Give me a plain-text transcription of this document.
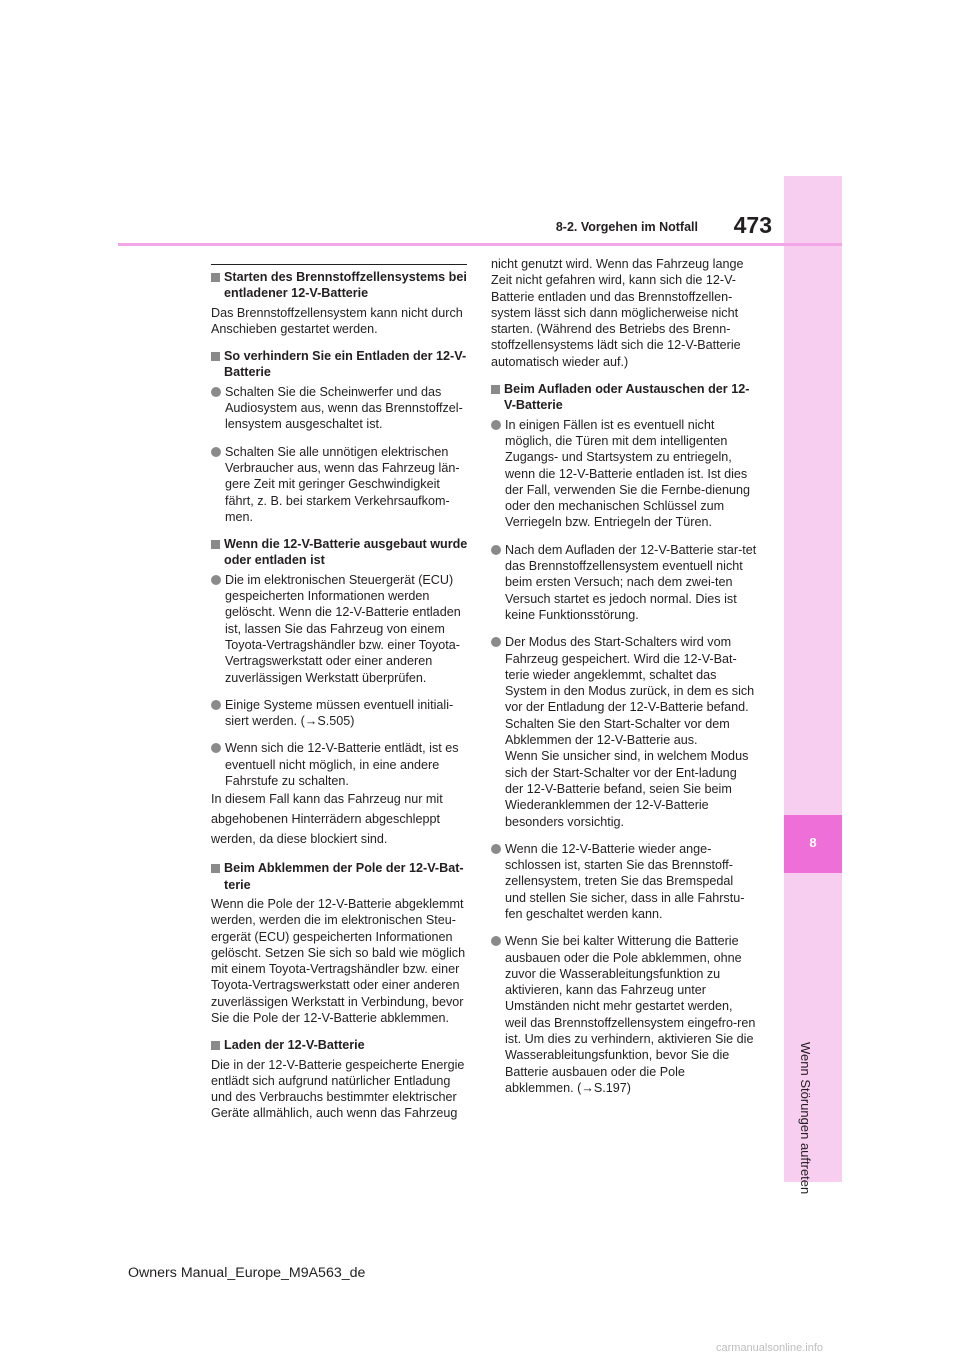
8
Wenn Störungen auftreten
8-2. Vorgehen im Notfall	473
Starten des Brennstoffzellensystems bei entladener 12-V-Batterie

Das Brennstoffzellensystem kann nicht durch Anschieben gestartet werden.

So verhindern Sie ein Entladen der 12-V-Batterie
Schalten Sie die Scheinwerfer und das Audiosystem aus, wenn das Brennstoffzel-lensystem ausgeschaltet ist.
Schalten Sie alle unnötigen elektrischen Verbraucher aus, wenn das Fahrzeug län-gere Zeit mit geringer Geschwindigkeit fährt, z. B. bei starkem Verkehrsaufkom-men.
Wenn die 12-V-Batterie ausgebaut wurde oder entladen ist
Die im elektronischen Steuergerät (ECU) gespeicherten Informationen werden gelöscht. Wenn die 12-V-Batterie entladen ist, lassen Sie das Fahrzeug von einem Toyota-Vertragshändler bzw. einer Toyota-Vertragswerkstatt oder einer anderen zuverlässigen Werkstatt überprüfen.
Einige Systeme müssen eventuell initiali-siert werden. (→S.505)
Wenn sich die 12-V-Batterie entlädt, ist es eventuell nicht möglich, in eine andere Fahrstufe zu schalten.

In diesem Fall kann das Fahrzeug nur mit

abgehobenen Hinterrädern abgeschleppt

werden, da diese blockiert sind.

Beim Abklemmen der Pole der 12-V-Bat-terie

Wenn die Pole der 12-V-Batterie abgeklemmt werden, werden die im elektronischen Steu-ergerät (ECU) gespeicherten Informationen gelöscht. Setzen Sie sich so bald wie möglich mit einem Toyota-Vertragshändler bzw. einer Toyota-Vertragswerkstatt oder einer anderen zuverlässigen Werkstatt in Verbindung, bevor Sie die Pole der 12-V-Batterie abklemmen.

Laden der 12-V-Batterie

Die in der 12-V-Batterie gespeicherte Energie entlädt sich aufgrund natürlicher Entladung und des Verbrauchs bestimmter elektrischer Geräte allmählich, auch wenn das Fahrzeug

nicht genutzt wird. Wenn das Fahrzeug lange Zeit nicht gefahren wird, kann sich die 12-V-Batterie entladen und das Brennstoffzellen-system lässt sich dann möglicherweise nicht starten. (Während des Betriebs des Brenn-stoffzellensystems lädt sich die 12-V-Batterie automatisch wieder auf.)

Beim Aufladen oder Austauschen der 12-V-Batterie
In einigen Fällen ist es eventuell nicht möglich, die Türen mit dem intelligenten Zugangs- und Startsystem zu entriegeln, wenn die 12-V-Batterie entladen ist. Ist dies der Fall, verwenden Sie die Fernbe-dienung oder den mechanischen Schlüssel zum Verriegeln bzw. Entriegeln der Türen.
Nach dem Aufladen der 12-V-Batterie star-tet das Brennstoffzellensystem eventuell nicht beim ersten Versuch; nach dem zwei-ten Versuch startet es jedoch normal. Dies ist keine Funktionsstörung.
Der Modus des Start-Schalters wird vom Fahrzeug gespeichert. Wird die 12-V-Bat-terie wieder angeklemmt, schaltet das System in den Modus zurück, in dem es sich vor der Entladung der 12-V-Batterie befand. Schalten Sie den Start-Schalter vor dem Abklemmen der 12-V-Batterie aus.
Wenn Sie unsicher sind, in welchem Modus sich der Start-Schalter vor der Ent-ladung der 12-V-Batterie befand, seien Sie beim Wiederanklemmen der 12-V-Batterie besonders vorsichtig.
Wenn die 12-V-Batterie wieder ange-schlossen ist, starten Sie das Brennstoff-zellensystem, treten Sie das Bremspedal und stellen Sie sicher, dass in alle Fahrstu-fen geschaltet werden kann.
Wenn Sie bei kalter Witterung die Batterie ausbauen oder die Pole abklemmen, ohne zuvor die Wasserableitungsfunktion zu aktivieren, kann das Fahrzeug unter Umständen nicht mehr gestartet werden, weil das Brennstoffzellensystem eingefro-ren ist. Um dies zu verhindern, aktivieren Sie die Wasserableitungsfunktion, bevor Sie die Batterie ausbauen oder die Pole abklemmen. (→S.197)
Owners Manual_Europe_M9A563_de
carmanualsonline.info
